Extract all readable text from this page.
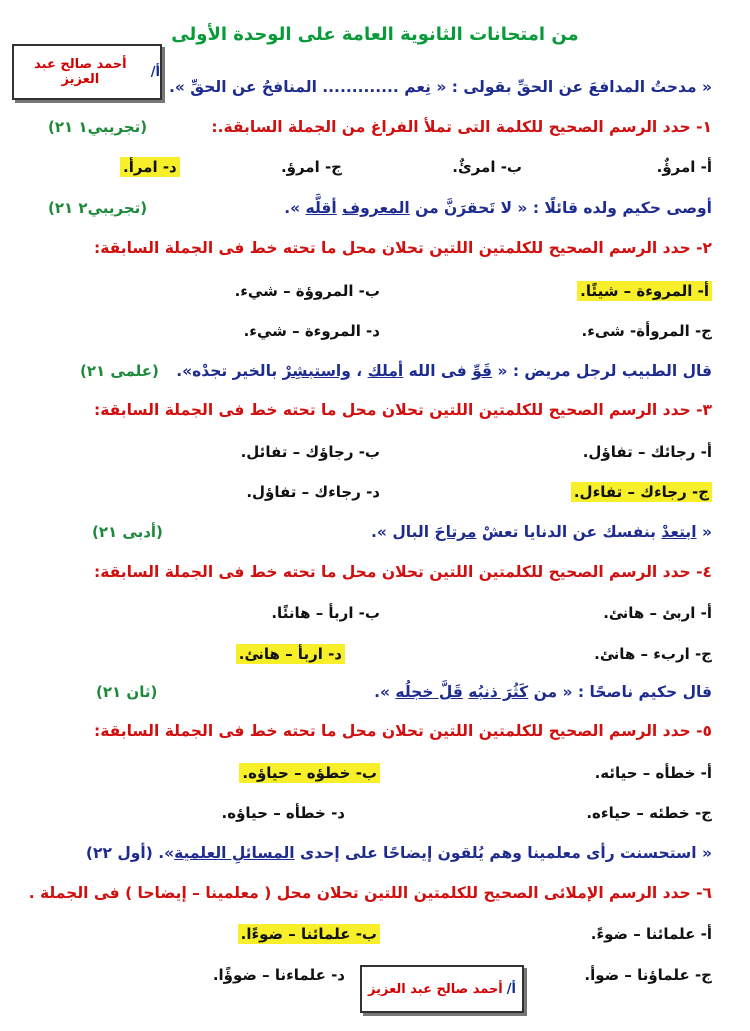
من امتحانات الثانوية العامة على الوحدة الأولى
أ/
أحمد صالح عبد العزيز	« مدحتُ المدافعَ عن الحقِّ بقولى : « نِعم ............. المنافحُ عن الحقِّ ».
(تجريبي١ ٢١)	١- حدد الرسم الصحيح للكلمة التى تملأ الفراغ من الجملة السابقة.:
أ- امرؤٌ.
ب- امرئٌ.
ج- امرؤ.
د- امرأ.
أوصى حكيم ولده قائلًا : « لا تَحقرَنَّ من المعروف أقلَّه ».
(تجريبي٢ ٢١)
٢- حدد الرسم الصحيح للكلمتين اللتين تحلان محل ما تحته خط فى الجملة السابقة:
أ- المروءة – شيئًا.
ب- المروؤة – شيء.
ج- المروأة- شىء.
د- المروءة – شيء.
قال الطبيب لرجل مريض : « قَوِّ فى الله أملك ، واستبشِرْ بالخير تجدْه».
(علمى ٢١)
٣- حدد الرسم الصحيح للكلمتين اللتين تحلان محل ما تحته خط فى الجملة السابقة:
أ- رجائك – تفاؤل.
ب- رجاؤك – تفائل.
ج- رجاءك – تفاءل.
د- رجاءك – تفاؤل.
« ابتعدْ بنفسك عن الدنايا تعشْ مرتاحَ البال ».
(أدبى ٢١)
٤- حدد الرسم الصحيح للكلمتين اللتين تحلان محل ما تحته خط فى الجملة السابقة:
أ- اربئ – هانئ.
ب- اربأ – هانئًا.
ج- اربء – هانئ.
د- اربأ – هانئ.
قال حكيم ناصحًا : « من كَثُرَ ذنبُه قَلَّ خجلُه ».
(ثان ٢١)
٥- حدد الرسم الصحيح للكلمتين اللتين تحلان محل ما تحته خط فى الجملة السابقة:
أ- خطأه – حيائه.
ب- خطؤه – حياؤه.
ج- خطئه – حياءه.
د- خطأه – حياؤه.
« استحسنت رأى معلمينا وهم يُلقون إيضاحًا على إحدى المسائلِ العلمية». (أول ٢٢)
٦- حدد الرسم الإملائى الصحيح للكلمتين اللتين تحلان محل ( معلمينا – إيضاحا ) فى الجملة .
أ- علمائنا – ضوءً.
ب- علمائنا – ضوءًا.
ج- علماؤنا – ضوأ.
د- علماءنا – ضوؤًا.
أ/
أحمد صالح عبد العزيز
